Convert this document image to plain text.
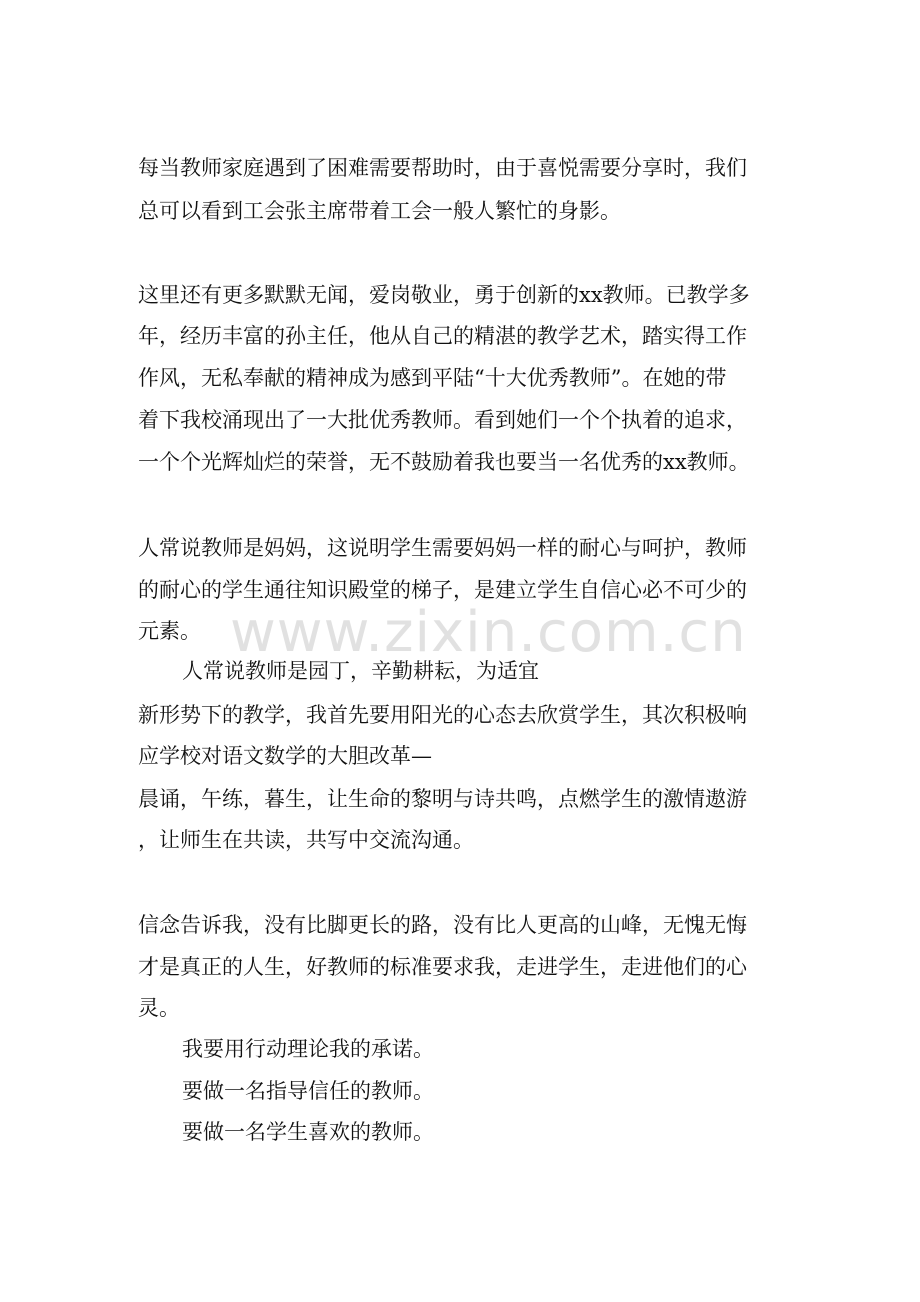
每当教师家庭遇到了困难需要帮助时，由于喜悦需要分享时，我们
总可以看到工会张主席带着工会一般人繁忙的身影。
这里还有更多默默无闻，爱岗敬业，勇于创新的xx教师。已教学多
年，经历丰富的孙主任，他从自己的精湛的教学艺术，踏实得工作
作风，无私奉献的精神成为感到平陆“十大优秀教师”。在她的带
着下我校涌现出了一大批优秀教师。看到她们一个个执着的追求，
一个个光辉灿烂的荣誉，无不鼓励着我也要当一名优秀的xx教师。
人常说教师是妈妈，这说明学生需要妈妈一样的耐心与呵护，教师
的耐心的学生通往知识殿堂的梯子，是建立学生自信心必不可少的
元素。
人常说教师是园丁，辛勤耕耘，为适宜
新形势下的教学，我首先要用阳光的心态去欣赏学生，其次积极响
应学校对语文数学的大胆改革—
晨诵，午练，暮生，让生命的黎明与诗共鸣，点燃学生的激情遨游
，让师生在共读，共写中交流沟通。
信念告诉我，没有比脚更长的路，没有比人更高的山峰，无愧无悔
才是真正的人生，好教师的标准要求我，走进学生，走进他们的心
灵。
我要用行动理论我的承诺。
要做一名指导信任的教师。
要做一名学生喜欢的教师。
www.zixin.com.cn
